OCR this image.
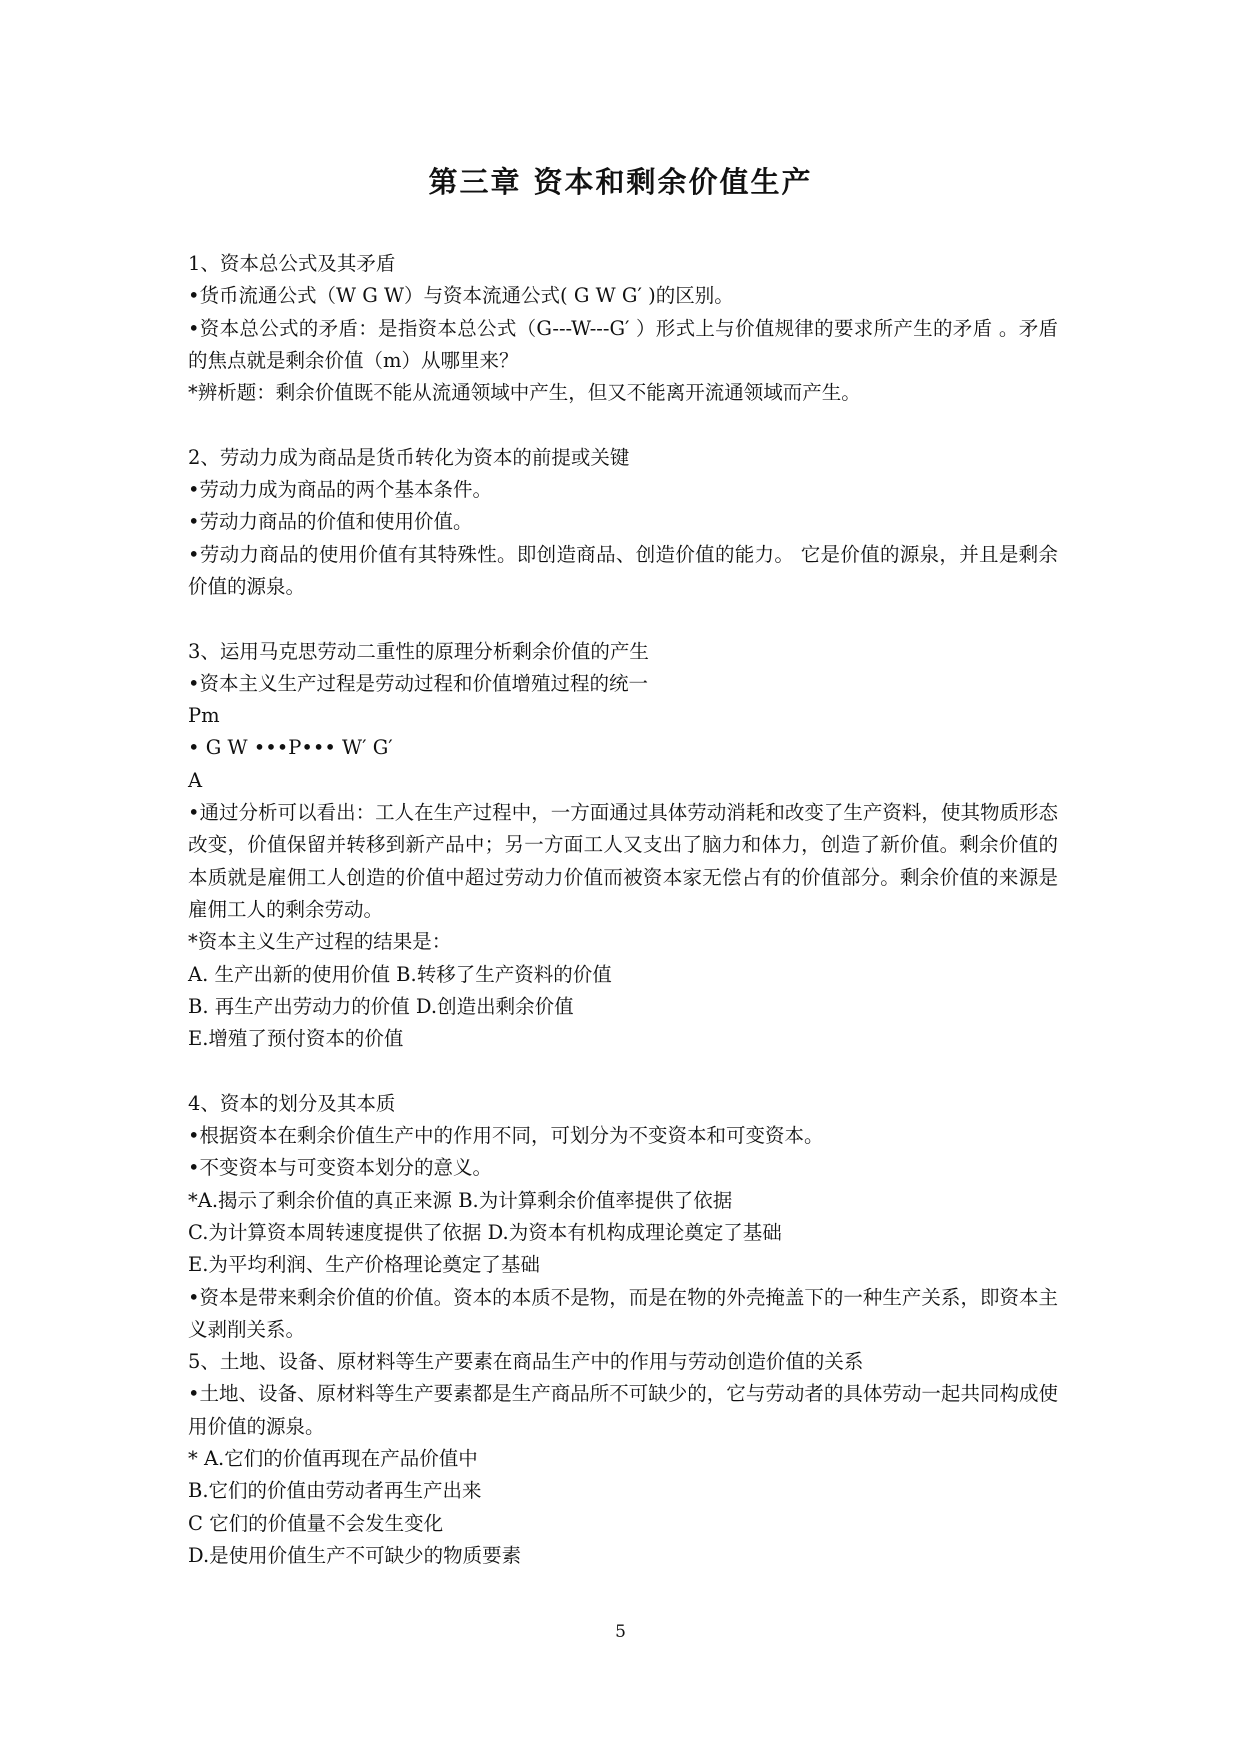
第三章 资本和剩余价值生产
1、资本总公式及其矛盾
•货币流通公式（W G W）与资本流通公式( G W G′ )的区别。
•资本总公式的矛盾：是指资本总公式（G---W---G′ ）形式上与价值规律的要求所产生的矛盾 。矛盾的焦点就是剩余价值（m）从哪里来？
*辨析题：剩余价值既不能从流通领域中产生，但又不能离开流通领域而产生。
2、劳动力成为商品是货币转化为资本的前提或关键
•劳动力成为商品的两个基本条件。
•劳动力商品的价值和使用价值。
•劳动力商品的使用价值有其特殊性。即创造商品、创造价值的能力。 它是价值的源泉，并且是剩余价值的源泉。
3、运用马克思劳动二重性的原理分析剩余价值的产生
•资本主义生产过程是劳动过程和价值增殖过程的统一
Pm
• G W •••P••• W′ G′
A
•通过分析可以看出：工人在生产过程中，一方面通过具体劳动消耗和改变了生产资料，使其物质形态改变，价值保留并转移到新产品中；另一方面工人又支出了脑力和体力，创造了新价值。剩余价值的本质就是雇佣工人创造的价值中超过劳动力价值而被资本家无偿占有的价值部分。剩余价值的来源是雇佣工人的剩余劳动。
*资本主义生产过程的结果是：
A. 生产出新的使用价值 B.转移了生产资料的价值
B. 再生产出劳动力的价值 D.创造出剩余价值
E.增殖了预付资本的价值
4、资本的划分及其本质
•根据资本在剩余价值生产中的作用不同，可划分为不变资本和可变资本。
•不变资本与可变资本划分的意义。
*A.揭示了剩余价值的真正来源 B.为计算剩余价值率提供了依据
C.为计算资本周转速度提供了依据 D.为资本有机构成理论奠定了基础
E.为平均利润、生产价格理论奠定了基础
•资本是带来剩余价值的价值。资本的本质不是物，而是在物的外壳掩盖下的一种生产关系，即资本主义剥削关系。
5、土地、设备、原材料等生产要素在商品生产中的作用与劳动创造价值的关系
•土地、设备、原材料等生产要素都是生产商品所不可缺少的，它与劳动者的具体劳动一起共同构成使用价值的源泉。
* A.它们的价值再现在产品价值中
B.它们的价值由劳动者再生产出来
C 它们的价值量不会发生变化
D.是使用价值生产不可缺少的物质要素
5
